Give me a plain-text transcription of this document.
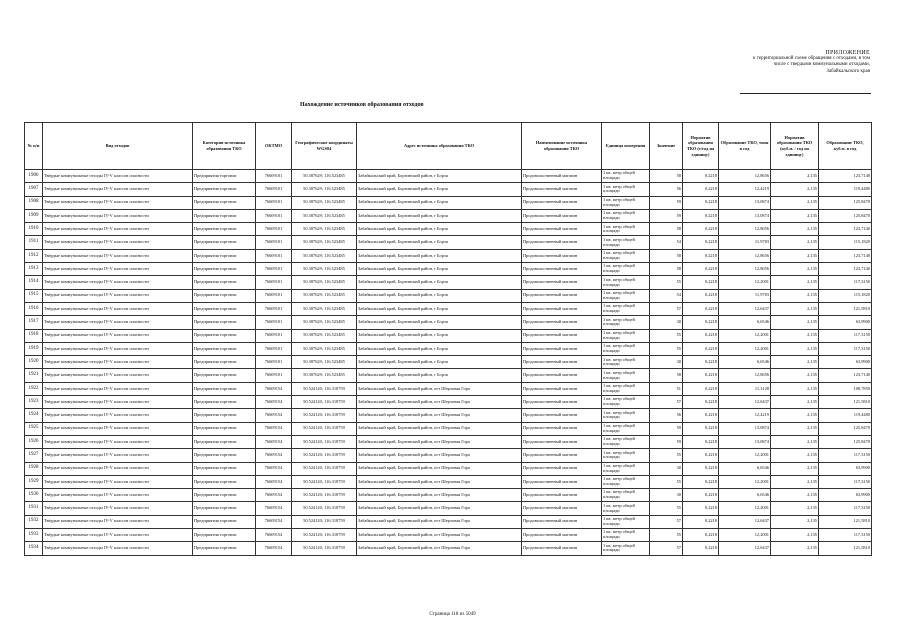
ПРИЛОЖЕНИЕ
к территориальной схеме обращения с отходами, в том
числе с твердыми коммунальными отходами,
Забайкальского края
Нахождение источников образования отходов
№ п/п	Вид отходов	Категория источника образования ТКО	ОКТМО	Географические координаты WGS84	Адрес источника образования ТКО	Наименование источника образования ТКО	Единица измерения	Значение	Норматив образования ТКО (т/год на единицу)	Образование ТКО, тонн в год	Норматив образования ТКО (куб.м. / год на единицу)	Образование ТКО, куб.м. в год
1906	Твёрдые коммунальные отходы IV-V классов опасности	Предприятия торговли	76609101	50.387629; 116.523485	Забайкальский край, Борзинский район, г Борзя	Продовольственный магазин	1 кв. метр общей площади	58	0,2218	12,8656	2,135	123,7140
1907	Твёрдые коммунальные отходы IV-V классов опасности	Предприятия торговли	76609101	50.387629; 116.523485	Забайкальский край, Борзинский район, г Борзя	Продовольственный магазин	1 кв. метр общей площади	56	0,2218	12,4219	2,135	119,4480
1908	Твёрдые коммунальные отходы IV-V классов опасности	Предприятия торговли	76609101	50.387629; 116.523485	Забайкальский край, Борзинский район, г Борзя	Продовольственный магазин	1 кв. метр общей площади	59	0,2218	13,0874	2,135	125,8470
1909	Твёрдые коммунальные отходы IV-V классов опасности	Предприятия торговли	76609101	50.387629; 116.523485	Забайкальский край, Борзинский район, г Борзя	Продовольственный магазин	1 кв. метр общей площади	59	0,2218	13,0874	2,135	125,8470
1910	Твёрдые коммунальные отходы IV-V классов опасности	Предприятия торговли	76609101	50.387629; 116.523485	Забайкальский край, Борзинский район, г Борзя	Продовольственный магазин	1 кв. метр общей площади	58	0,2218	12,8656	2,135	123,7140
1911	Твёрдые коммунальные отходы IV-V классов опасности	Предприятия торговли	76609101	50.387629; 116.523485	Забайкальский край, Борзинский район, г Борзя	Продовольственный магазин	1 кв. метр общей площади	54	0,2218	11,9783	2,135	115,1820
1912	Твёрдые коммунальные отходы IV-V классов опасности	Предприятия торговли	76609101	50.387629; 116.523485	Забайкальский край, Борзинский район, г Борзя	Продовольственный магазин	1 кв. метр общей площади	58	0,2218	12,8656	2,135	123,7140
1913	Твёрдые коммунальные отходы IV-V классов опасности	Предприятия торговли	76609101	50.387629; 116.523485	Забайкальский край, Борзинский район, г Борзя	Продовольственный магазин	1 кв. метр общей площади	58	0,2218	12,8656	2,135	123,7140
1914	Твёрдые коммунальные отходы IV-V классов опасности	Предприятия торговли	76609101	50.387629; 116.523485	Забайкальский край, Борзинский район, г Борзя	Продовольственный магазин	1 кв. метр общей площади	55	0,2218	12,2001	2,135	117,3150
1915	Твёрдые коммунальные отходы IV-V классов опасности	Предприятия торговли	76609101	50.387629; 116.523485	Забайкальский край, Борзинский район, г Борзя	Продовольственный магазин	1 кв. метр общей площади	54	0,2218	11,9783	2,135	115,1820
1916	Твёрдые коммунальные отходы IV-V классов опасности	Предприятия торговли	76609101	50.387629; 116.523485	Забайкальский край, Борзинский район, г Борзя	Продовольственный магазин	1 кв. метр общей площади	57	0,2218	12,6437	2,135	121,5810
1917	Твёрдые коммунальные отходы IV-V классов опасности	Предприятия торговли	76609101	50.387629; 116.523485	Забайкальский край, Борзинский район, г Борзя	Продовольственный магазин	1 кв. метр общей площади	30	0,2218	6,6546	2,135	63,9900
1918	Твёрдые коммунальные отходы IV-V классов опасности	Предприятия торговли	76609101	50.387629; 116.523485	Забайкальский край, Борзинский район, г Борзя	Продовольственный магазин	1 кв. метр общей площади	55	0,2218	12,2001	2,135	117,3150
1919	Твёрдые коммунальные отходы IV-V классов опасности	Предприятия торговли	76609101	50.387629; 116.523485	Забайкальский край, Борзинский район, г Борзя	Продовольственный магазин	1 кв. метр общей площади	55	0,2218	12,2001	2,135	117,3150
1920	Твёрдые коммунальные отходы IV-V классов опасности	Предприятия торговли	76609101	50.387629; 116.523485	Забайкальский край, Борзинский район, г Борзя	Продовольственный магазин	1 кв. метр общей площади	30	0,2218	6,6546	2,135	63,9900
1921	Твёрдые коммунальные отходы IV-V классов опасности	Предприятия торговли	76609101	50.387629; 116.523485	Забайкальский край, Борзинский район, г Борзя	Продовольственный магазин	1 кв. метр общей площади	58	0,2218	12,8656	2,135	123,7140
1922	Твёрдые коммунальные отходы IV-V классов опасности	Предприятия торговли	76609154	50.524120; 116.318759	Забайкальский край, Борзинский район, пгт Шерловая Гора	Продовольственный магазин	1 кв. метр общей площади	51	0,2218	11,3128	2,135	108,7850
1923	Твёрдые коммунальные отходы IV-V классов опасности	Предприятия торговли	76609154	50.524120; 116.318759	Забайкальский край, Борзинский район, пгт Шерловая Гора	Продовольственный магазин	1 кв. метр общей площади	57	0,2218	12,6437	2,135	121,5810
1924	Твёрдые коммунальные отходы IV-V классов опасности	Предприятия торговли	76609154	50.524120; 116.318759	Забайкальский край, Борзинский район, пгт Шерловая Гора	Продовольственный магазин	1 кв. метр общей площади	56	0,2218	12,4219	2,135	119,4480
1925	Твёрдые коммунальные отходы IV-V классов опасности	Предприятия торговли	76609154	50.524120; 116.318759	Забайкальский край, Борзинский район, пгт Шерловая Гора	Продовольственный магазин	1 кв. метр общей площади	59	0,2218	13,0874	2,135	125,8470
1926	Твёрдые коммунальные отходы IV-V классов опасности	Предприятия торговли	76609154	50.524120; 116.318759	Забайкальский край, Борзинский район, пгт Шерловая Гора	Продовольственный магазин	1 кв. метр общей площади	59	0,2218	13,0874	2,135	125,8470
1927	Твёрдые коммунальные отходы IV-V классов опасности	Предприятия торговли	76609154	50.524120; 116.318759	Забайкальский край, Борзинский район, пгт Шерловая Гора	Продовольственный магазин	1 кв. метр общей площади	55	0,2218	12,2001	2,135	117,3150
1928	Твёрдые коммунальные отходы IV-V классов опасности	Предприятия торговли	76609154	50.524120; 116.318759	Забайкальский край, Борзинский район, пгт Шерловая Гора	Продовольственный магазин	1 кв. метр общей площади	30	0,2218	6,6546	2,135	63,9900
1929	Твёрдые коммунальные отходы IV-V классов опасности	Предприятия торговли	76609154	50.524120; 116.318759	Забайкальский край, Борзинский район, пгт Шерловая Гора	Продовольственный магазин	1 кв. метр общей площади	55	0,2218	12,2001	2,135	117,3150
1930	Твёрдые коммунальные отходы IV-V классов опасности	Предприятия торговли	76609154	50.524120; 116.318759	Забайкальский край, Борзинский район, пгт Шерловая Гора	Продовольственный магазин	1 кв. метр общей площади	30	0,2218	6,6546	2,135	63,9900
1931	Твёрдые коммунальные отходы IV-V классов опасности	Предприятия торговли	76609154	50.524120; 116.318759	Забайкальский край, Борзинский район, пгт Шерловая Гора	Продовольственный магазин	1 кв. метр общей площади	55	0,2218	12,2001	2,135	117,3150
1932	Твёрдые коммунальные отходы IV-V классов опасности	Предприятия торговли	76609154	50.524120; 116.318759	Забайкальский край, Борзинский район, пгт Шерловая Гора	Продовольственный магазин	1 кв. метр общей площади	57	0,2218	12,6437	2,135	121,5810
1933	Твёрдые коммунальные отходы IV-V классов опасности	Предприятия торговли	76609154	50.524120; 116.318759	Забайкальский край, Борзинский район, пгт Шерловая Гора	Продовольственный магазин	1 кв. метр общей площади	55	0,2218	12,2001	2,135	117,3150
1934	Твёрдые коммунальные отходы IV-V классов опасности	Предприятия торговли	76609154	50.524120; 116.318759	Забайкальский край, Борзинский район, пгт Шерловая Гора	Продовольственный магазин	1 кв. метр общей площади	57	0,2218	12,6437	2,135	121,5810
Страница 118 из 5049
